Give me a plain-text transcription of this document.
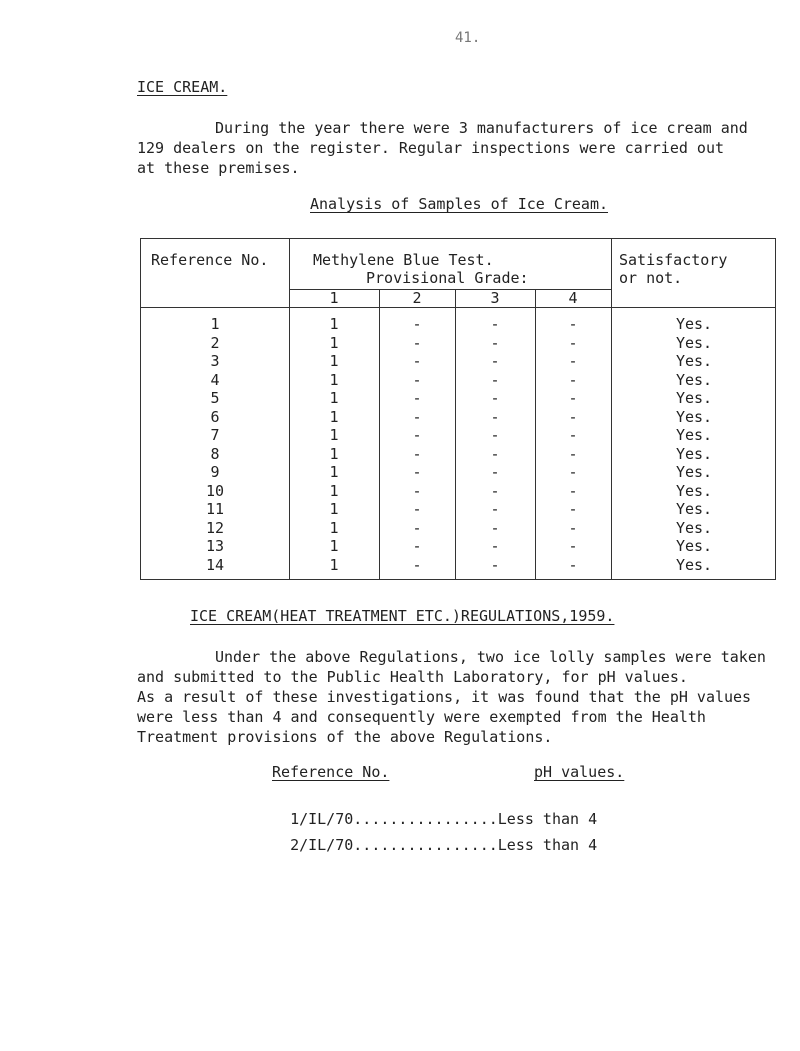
41.
ICE CREAM.
During the year there were 3 manufacturers of ice cream and
129 dealers on the register. Regular inspections were carried out
at these premises.
Analysis of Samples of Ice Cream.
Reference No.	Methylene Blue Test.
Provisional Grade:
Satisfactory
or not.
1	2	3	4
1	1	-	-	-	Yes.
2	1	-	-	-	Yes.
3	1	-	-	-	Yes.
4	1	-	-	-	Yes.
5	1	-	-	-	Yes.
6	1	-	-	-	Yes.
7	1	-	-	-	Yes.
8	1	-	-	-	Yes.
9	1	-	-	-	Yes.
10	1	-	-	-	Yes.
11	1	-	-	-	Yes.
12	1	-	-	-	Yes.
13	1	-	-	-	Yes.
14	1	-	-	-	Yes.
ICE CREAM(HEAT TREATMENT ETC.)REGULATIONS,1959.
Under the above Regulations, two ice lolly samples were taken
and submitted to the Public Health Laboratory, for pH values.
As a result of these investigations, it was found that the pH values
were less than 4 and consequently were exempted from the Health
Treatment provisions of the above Regulations.
Reference No.	pH values.

1/IL/70................Less than 4

2/IL/70................Less than 4
